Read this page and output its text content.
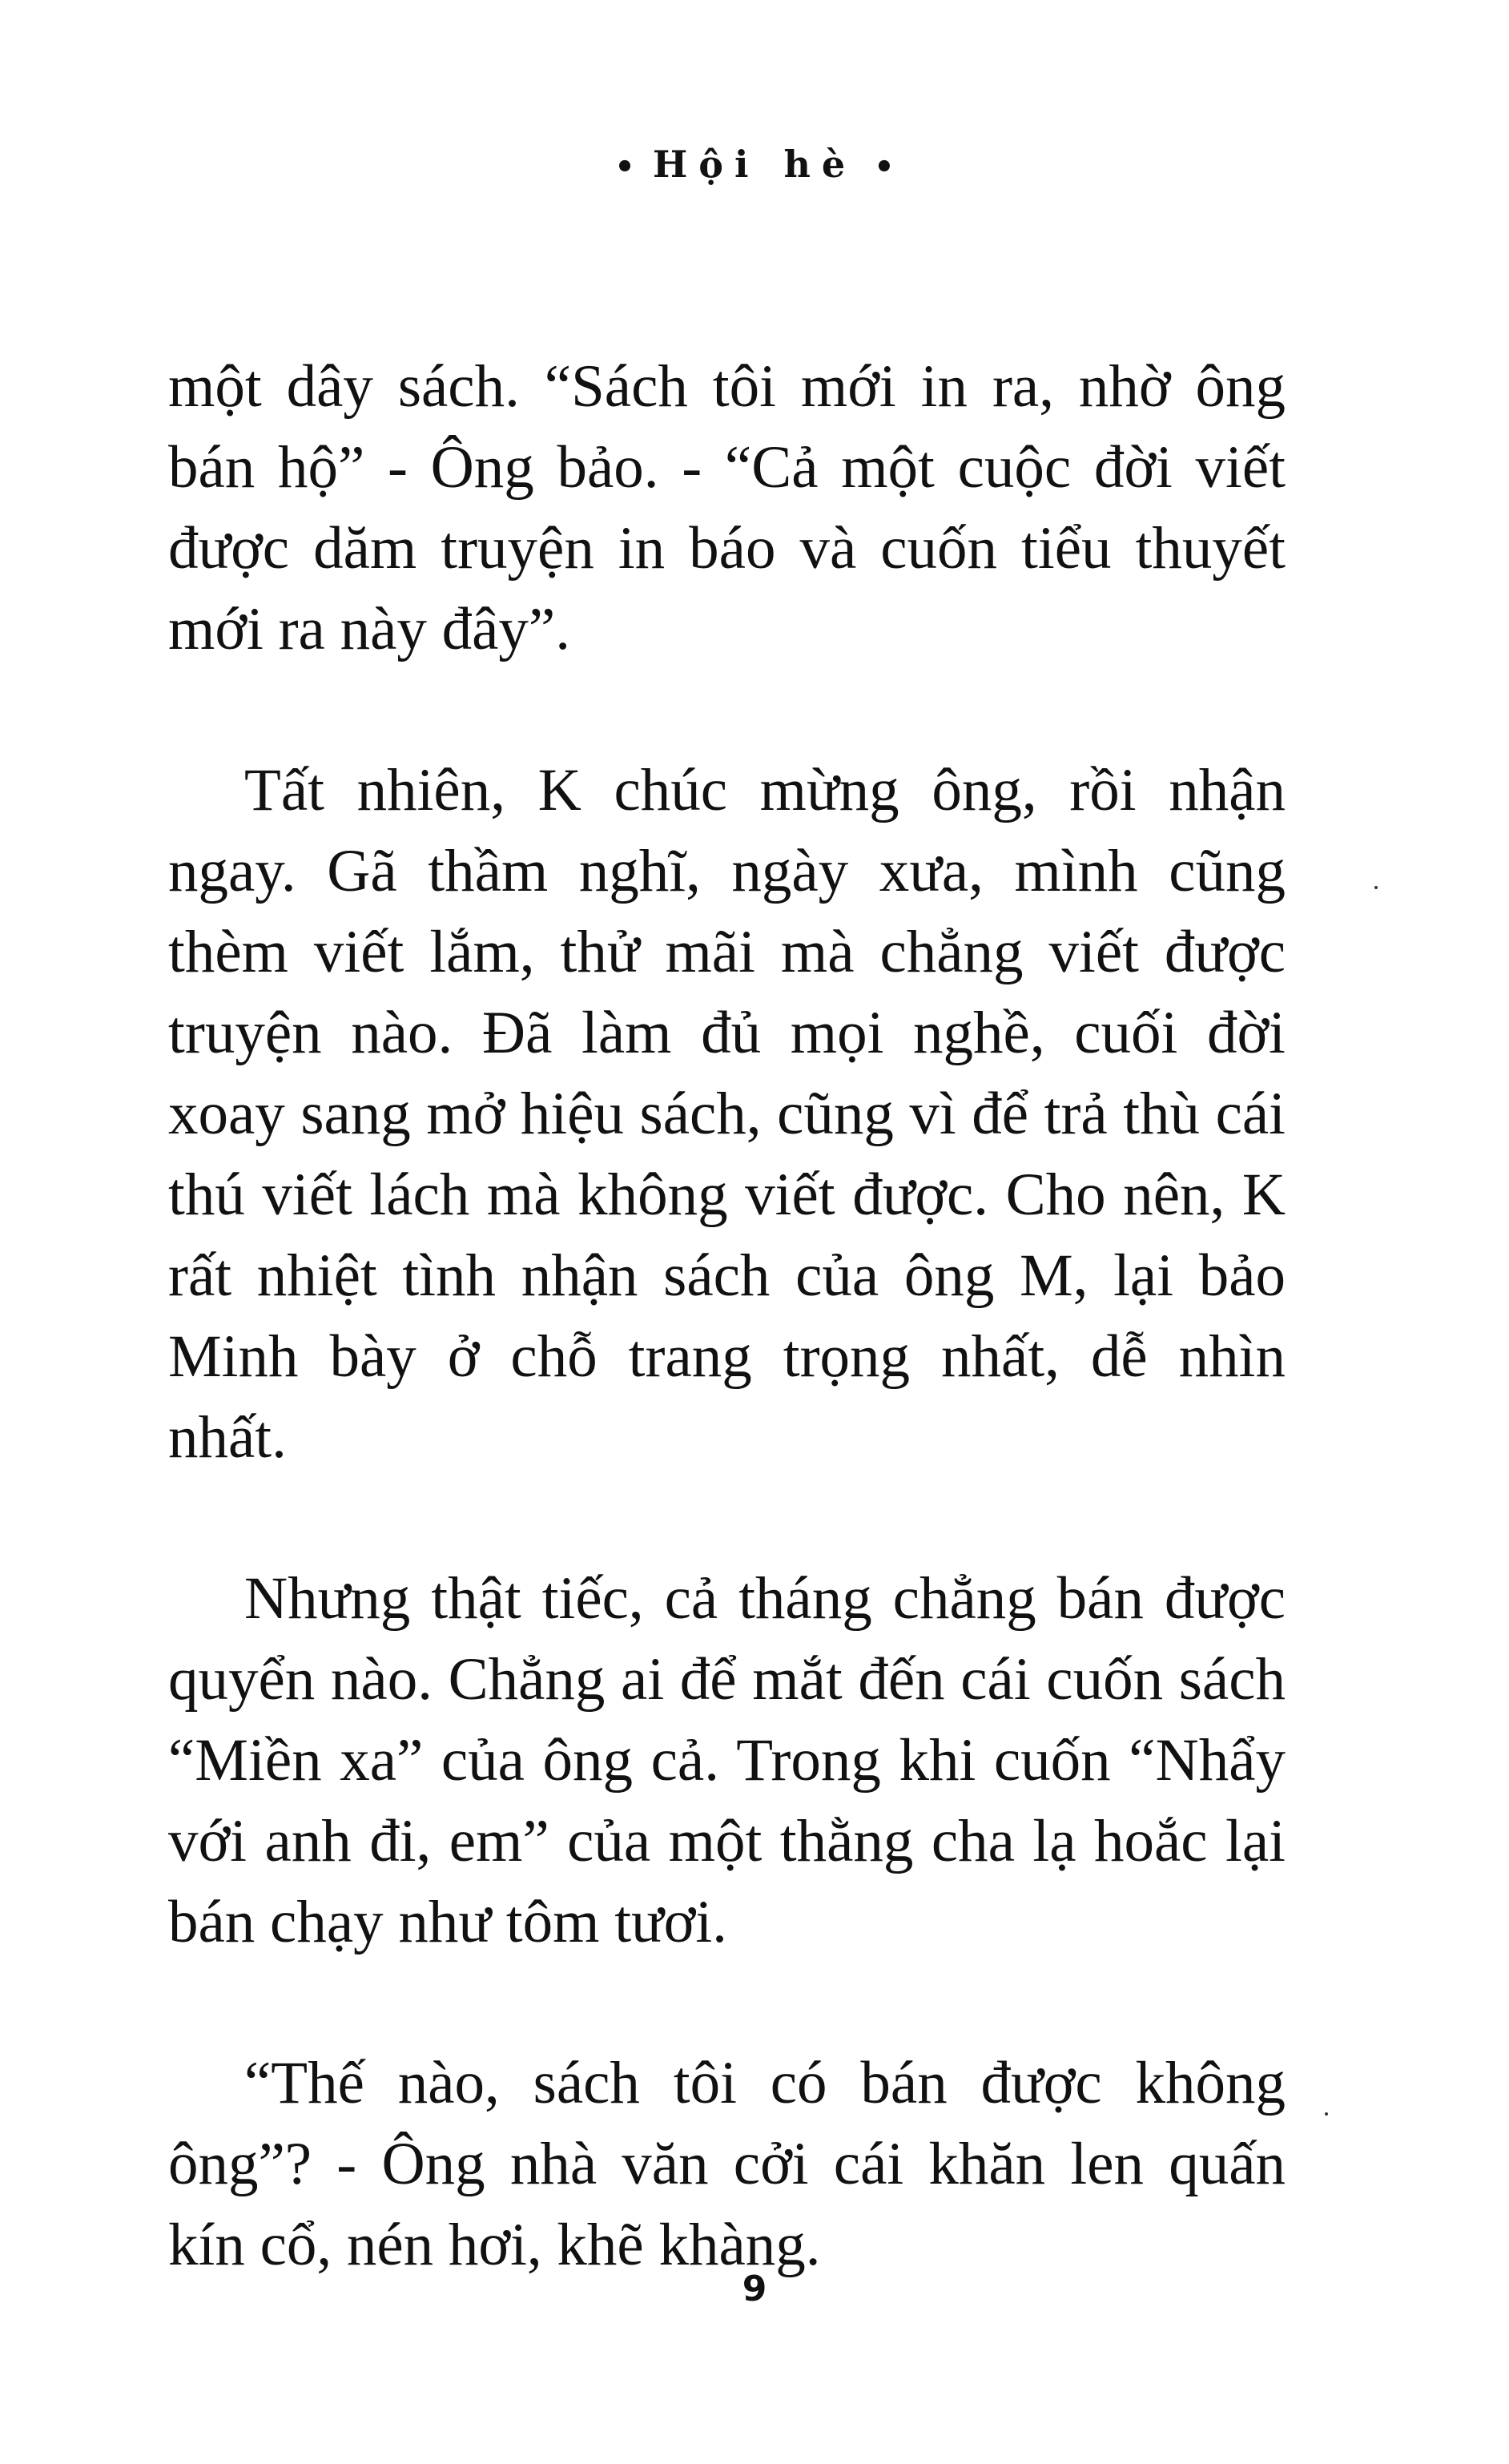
• Hội hè •

một dây sách. “Sách tôi mới in ra, nhờ ông bán hộ” - Ông bảo. - “Cả một cuộc đời viết được dăm truyện in báo và cuốn tiểu thuyết mới ra này đây”.

Tất nhiên, K chúc mừng ông, rồi nhận ngay. Gã thầm nghĩ, ngày xưa, mình cũng thèm viết lắm, thử mãi mà chẳng viết được truyện nào. Đã làm đủ mọi nghề, cuối đời xoay sang mở hiệu sách, cũng vì để trả thù cái thú viết lách mà không viết được. Cho nên, K rất nhiệt tình nhận sách của ông M, lại bảo Minh bày ở chỗ trang trọng nhất, dễ nhìn nhất.

Nhưng thật tiếc, cả tháng chẳng bán được quyển nào. Chẳng ai để mắt đến cái cuốn sách “Miền xa” của ông cả. Trong khi cuốn “Nhẩy với anh đi, em” của một thằng cha lạ hoắc lại bán chạy như tôm tươi.

“Thế nào, sách tôi có bán được không ông”? - Ông nhà văn cởi cái khăn len quấn kín cổ, nén hơi, khẽ khàng.

9
